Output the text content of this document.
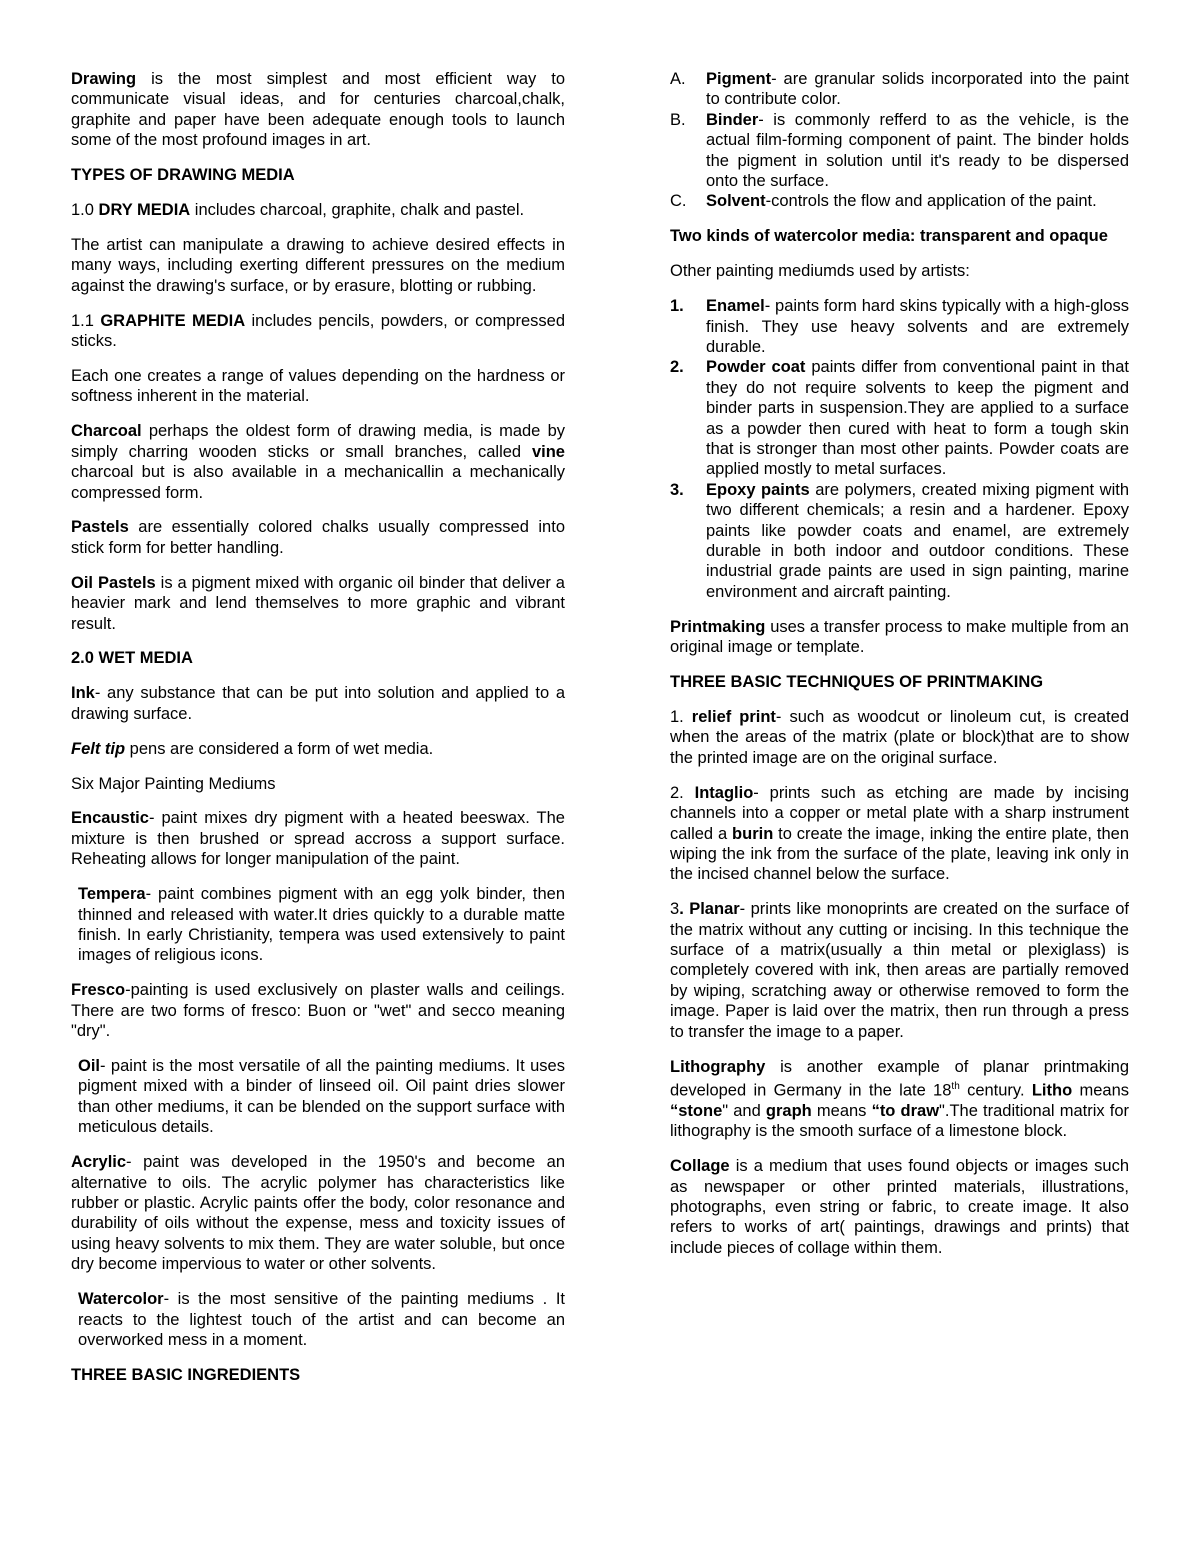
Drawing is the most simplest and most efficient way to communicate visual ideas, and for centuries charcoal,chalk, graphite and paper have been adequate enough tools to launch some of the most profound images in art.

TYPES OF DRAWING MEDIA

1.0 DRY MEDIA includes charcoal, graphite, chalk and pastel.

The artist can manipulate a drawing to achieve desired effects in many ways, including exerting different pressures on the medium against the drawing's surface, or by erasure, blotting or rubbing.

1.1 GRAPHITE MEDIA includes pencils, powders, or compressed sticks.

Each one creates a range of values depending on the hardness or softness inherent in the material.

Charcoal perhaps the oldest form of drawing media, is made by simply charring wooden sticks or small branches, called vine charcoal but is also available in a mechanicallin a mechanically compressed form.

Pastels are essentially colored chalks usually compressed into stick form for better handling.

Oil Pastels is a pigment mixed with organic oil binder that deliver a heavier mark and lend themselves to more graphic and vibrant result.

2.0 WET MEDIA

Ink- any substance that can be put into solution and applied to a drawing surface.

Felt tip pens are considered a form of wet media.

Six Major Painting Mediums

Encaustic- paint mixes dry pigment with a heated beeswax. The mixture is then brushed or spread accross a support surface. Reheating allows for longer manipulation of the paint.

Tempera- paint combines pigment with an egg yolk binder, then thinned and released with water.It dries quickly to a durable matte finish. In early Christianity, tempera was used extensively to paint images of religious icons.

Fresco-painting is used exclusively on plaster walls and ceilings. There are two forms of fresco: Buon or "wet" and secco meaning "dry".

Oil- paint is the most versatile of all the painting mediums. It uses pigment mixed with a binder of linseed oil. Oil paint dries slower than other mediums, it can be blended on the support surface with meticulous details.

Acrylic- paint was developed in the 1950's and become an alternative to oils. The acrylic polymer has characteristics like rubber or plastic. Acrylic paints offer the body, color resonance and durability of oils without the expense, mess and toxicity issues of using heavy solvents to mix them. They are water soluble, but once dry become impervious to water or other solvents.

Watercolor- is the most sensitive of the painting mediums . It reacts to the lightest touch of the artist and can become an overworked mess in a moment.

THREE BASIC INGREDIENTS

A. Pigment- are granular solids incorporated into the paint to contribute color.
B. Binder- is commonly refferd to as the vehicle, is the actual film-forming component of paint. The binder holds the pigment in solution until it's ready to be dispersed onto the surface.
C. Solvent-controls the flow and application of the paint.

Two kinds of watercolor media: transparent and opaque

Other painting mediumds used by artists:

1. Enamel- paints form hard skins typically with a high-gloss finish. They use heavy solvents and are extremely durable.
2. Powder coat paints differ from conventional paint in that they do not require solvents to keep the pigment and binder parts in suspension.They are applied to a surface as a powder then cured with heat to form a tough skin that is stronger than most other paints. Powder coats are applied mostly to metal surfaces.
3. Epoxy paints are polymers, created mixing pigment with two different chemicals; a resin and a hardener. Epoxy paints like powder coats and enamel, are extremely durable in both indoor and outdoor conditions. These industrial grade paints are used in sign painting, marine environment and aircraft painting.

Printmaking uses a transfer process to make multiple from an original image or template.

THREE BASIC TECHNIQUES OF PRINTMAKING

1. relief print- such as woodcut or linoleum cut, is created when the areas of the matrix (plate or block)that are to show the printed image are on the original surface.

2. Intaglio- prints such as etching are made by incising channels into a copper or metal plate with a sharp instrument called a burin to create the image, inking the entire plate, then wiping the ink from the surface of the plate, leaving ink only in the incised channel below the surface.

3. Planar- prints like monoprints are created on the surface of the matrix without any cutting or incising. In this technique the surface of a matrix(usually a thin metal or plexiglass) is completely covered with ink, then areas are partially removed by wiping, scratching away or otherwise removed to form the image. Paper is laid over the matrix, then run through a press to transfer the image to a paper.

Lithography is another example of planar printmaking developed in Germany in the late 18th century. Litho means “stone" and graph means “to draw".The traditional matrix for lithography is the smooth surface of a limestone block.

Collage is a medium that uses found objects or images such as newspaper or other printed materials, illustrations, photographs, even string or fabric, to create image. It also refers to works of art( paintings, drawings and prints) that include pieces of collage within them.
